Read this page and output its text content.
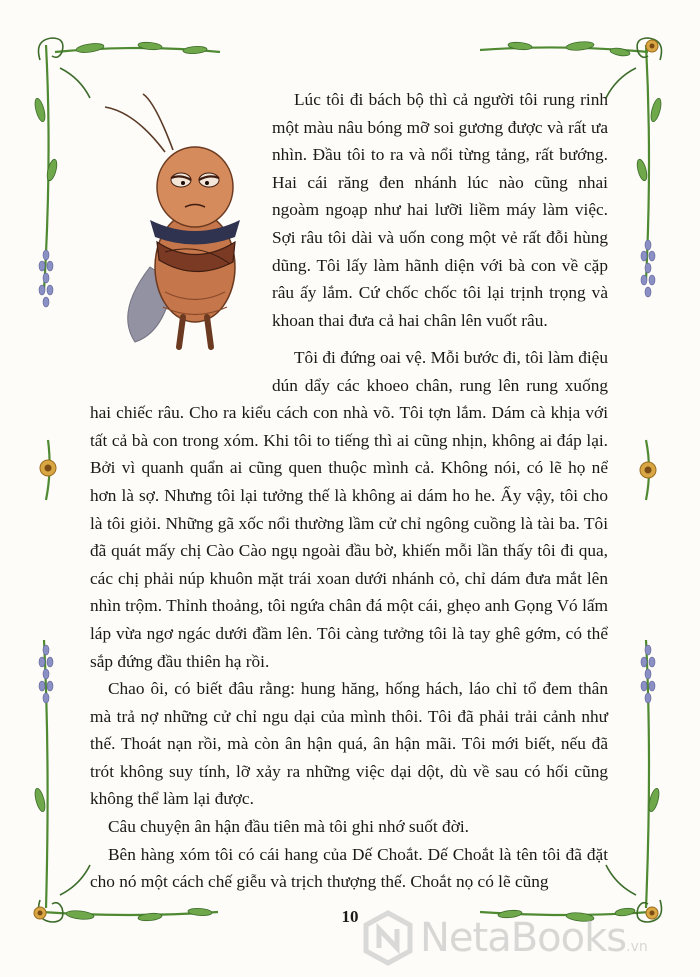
Lúc tôi đi bách bộ thì cả người tôi rung rinh một màu nâu bóng mỡ soi gương được và rất ưa nhìn. Đầu tôi to ra và nổi từng tảng, rất bướng. Hai cái răng đen nhánh lúc nào cũng nhai ngoàm ngoạp như hai lưỡi liềm máy làm việc. Sợi râu tôi dài và uốn cong một vẻ rất đỗi hùng dũng. Tôi lấy làm hãnh diện với bà con về cặp râu ấy lắm. Cứ chốc chốc tôi lại trịnh trọng và khoan thai đưa cả hai chân lên vuốt râu.

Tôi đi đứng oai vệ. Mỗi bước đi, tôi làm điệu dún dẩy các khoeo chân, rung lên rung xuống hai chiếc râu. Cho ra kiểu cách con nhà võ. Tôi tợn lắm. Dám cà khịa với tất cả bà con trong xóm. Khi tôi to tiếng thì ai cũng nhịn, không ai đáp lại. Bởi vì quanh quẩn ai cũng quen thuộc mình cả. Không nói, có lẽ họ nể hơn là sợ. Nhưng tôi lại tưởng thế là không ai dám ho he. Ấy vậy, tôi cho là tôi giỏi. Những gã xốc nổi thường lầm cử chỉ ngông cuồng là tài ba. Tôi đã quát mấy chị Cào Cào ngụ ngoài đầu bờ, khiến mỗi lần thấy tôi đi qua, các chị phải núp khuôn mặt trái xoan dưới nhánh cỏ, chỉ dám đưa mắt lên nhìn trộm. Thỉnh thoảng, tôi ngứa chân đá một cái, ghẹo anh Gọng Vó lấm láp vừa ngơ ngác dưới đầm lên. Tôi càng tưởng tôi là tay ghê gớm, có thể sắp đứng đầu thiên hạ rồi.

Chao ôi, có biết đâu rằng: hung hăng, hống hách, láo chỉ tổ đem thân mà trả nợ những cử chỉ ngu dại của mình thôi. Tôi đã phải trải cảnh như thế. Thoát nạn rồi, mà còn ân hận quá, ân hận mãi. Tôi mới biết, nếu đã trót không suy tính, lỡ xảy ra những việc dại dột, dù về sau có hối cũng không thể làm lại được.

Câu chuyện ân hận đầu tiên mà tôi ghi nhớ suốt đời.

Bên hàng xóm tôi có cái hang của Dế Choắt. Dế Choắt là tên tôi đã đặt cho nó một cách chế giễu và trịch thượng thế. Choắt nọ có lẽ cũng

10	NetaBooks.vn
